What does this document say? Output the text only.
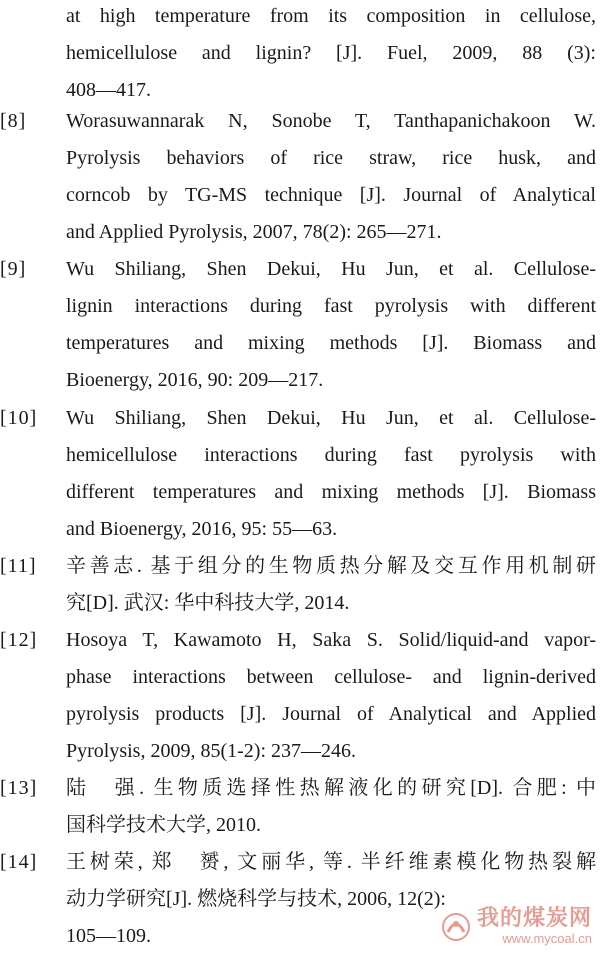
at high temperature from its composition in cellulose,
hemicellulose and lignin? [J]. Fuel, 2009, 88 (3):
408—417.
[8] Worasuwannarak N, Sonobe T, Tanthapanichakoon W.
Pyrolysis behaviors of rice straw, rice husk, and
corncob by TG-MS technique [J]. Journal of Analytical
and Applied Pyrolysis, 2007, 78(2): 265—271.
[9] Wu Shiliang, Shen Dekui, Hu Jun, et al. Cellulose-
lignin interactions during fast pyrolysis with different
temperatures and mixing methods [J]. Biomass and
Bioenergy, 2016, 90: 209—217.
[10] Wu Shiliang, Shen Dekui, Hu Jun, et al. Cellulose-
hemicellulose interactions during fast pyrolysis with
different temperatures and mixing methods [J]. Biomass
and Bioenergy, 2016, 95: 55—63.
[11] 辛善志. 基于组分的生物质热分解及交互作用机制研
究[D]. 武汉: 华中科技大学, 2014.
[12] Hosoya T, Kawamoto H, Saka S. Solid/liquid-and vapor-
phase interactions between cellulose- and lignin-derived
pyrolysis products [J]. Journal of Analytical and Applied
Pyrolysis, 2009, 85(1-2): 237—246.
[13] 陆　强. 生物质选择性热解液化的研究[D]. 合肥: 中
国科学技术大学, 2010.
[14] 王树荣, 郑　赟, 文丽华, 等. 半纤维素模化物热裂解
动力学研究[J]. 燃烧科学与技术, 2006, 12(2):
105—109.
我的煤炭网
www.mycoal.cn
